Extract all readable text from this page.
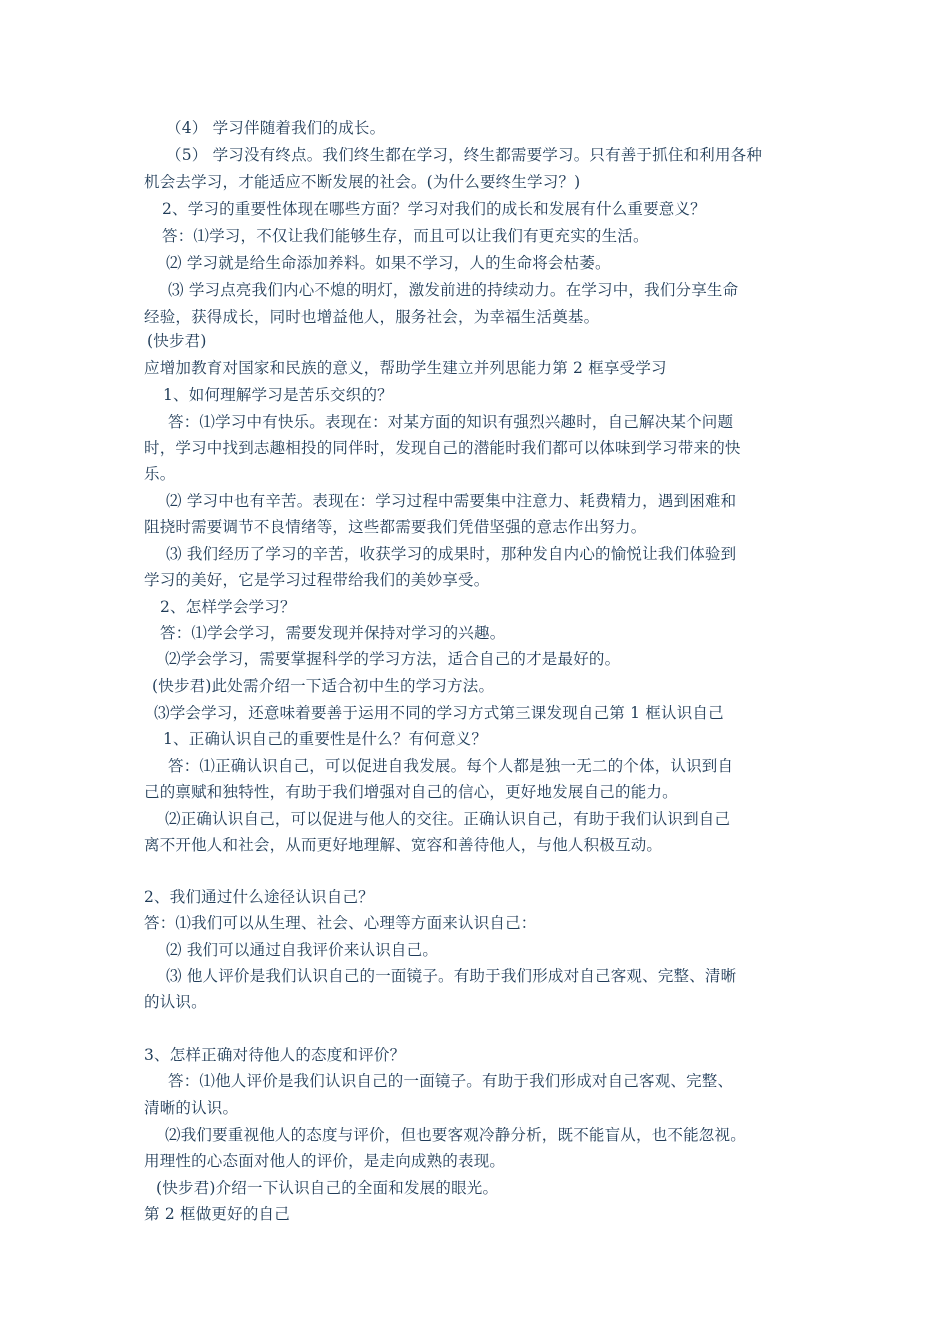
（4） 学习伴随着我们的成长。
（5） 学习没有终点。我们终生都在学习，终生都需要学习。只有善于抓住和利用各种
机会去学习，才能适应不断发展的社会。(为什么要终生学习？)
2、学习的重要性体现在哪些方面？学习对我们的成长和发展有什么重要意义？
答：⑴学习，不仅让我们能够生存，而且可以让我们有更充实的生活。
⑵ 学习就是给生命添加养料。如果不学习，人的生命将会枯萎。
⑶ 学习点亮我们内心不熄的明灯，激发前进的持续动力。在学习中，我们分享生命
经验，获得成长，同时也增益他人，服务社会，为幸福生活奠基。
(快步君)
应增加教育对国家和民族的意义，帮助学生建立并列思能力第 2 框享受学习
1、如何理解学习是苦乐交织的？
答：⑴学习中有快乐。表现在：对某方面的知识有强烈兴趣时，自己解决某个问题
时，学习中找到志趣相投的同伴时，发现自己的潜能时我们都可以体味到学习带来的快
乐。
⑵ 学习中也有辛苦。表现在：学习过程中需要集中注意力、耗费精力，遇到困难和
阻挠时需要调节不良情绪等，这些都需要我们凭借坚强的意志作出努力。
⑶ 我们经历了学习的辛苦，收获学习的成果时，那种发自内心的愉悦让我们体验到
学习的美好，它是学习过程带给我们的美妙享受。
2、怎样学会学习？
答：⑴学会学习，需要发现并保持对学习的兴趣。
⑵学会学习，需要掌握科学的学习方法，适合自己的才是最好的。
(快步君)此处需介绍一下适合初中生的学习方法。
⑶学会学习，还意味着要善于运用不同的学习方式第三课发现自己第 1 框认识自己
1、正确认识自己的重要性是什么？有何意义？
答：⑴正确认识自己，可以促进自我发展。每个人都是独一无二的个体，认识到自
己的禀赋和独特性，有助于我们增强对自己的信心，更好地发展自己的能力。
⑵正确认识自己，可以促进与他人的交往。正确认识自己，有助于我们认识到自己
离不开他人和社会，从而更好地理解、宽容和善待他人，与他人积极互动。
2、我们通过什么途径认识自己？
答：⑴我们可以从生理、社会、心理等方面来认识自己：
⑵ 我们可以通过自我评价来认识自己。
⑶ 他人评价是我们认识自己的一面镜子。有助于我们形成对自己客观、完整、清晰
的认识。
3、怎样正确对待他人的态度和评价？
答：⑴他人评价是我们认识自己的一面镜子。有助于我们形成对自己客观、完整、
清晰的认识。
⑵我们要重视他人的态度与评价，但也要客观冷静分析，既不能盲从，也不能忽视。
用理性的心态面对他人的评价，是走向成熟的表现。
(快步君)介绍一下认识自己的全面和发展的眼光。
第 2 框做更好的自己
